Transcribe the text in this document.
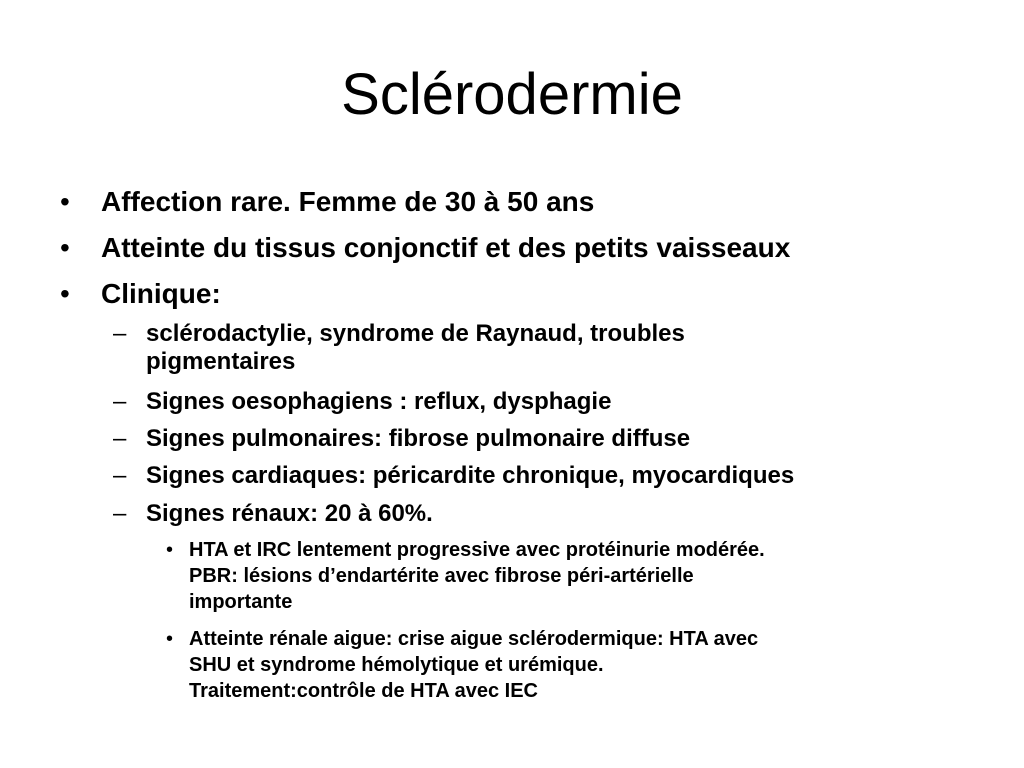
Sclérodermie
• Affection rare. Femme de 30 à 50 ans
• Atteinte du tissus conjonctif et des petits vaisseaux
• Clinique:
– sclérodactylie, syndrome de Raynaud, troubles
pigmentaires
– Signes oesophagiens : reflux, dysphagie
– Signes pulmonaires: fibrose pulmonaire diffuse
– Signes cardiaques: péricardite chronique, myocardiques
– Signes rénaux: 20 à 60%.
• HTA et IRC lentement progressive avec protéinurie modérée.
PBR: lésions d’endartérite avec fibrose péri-artérielle
importante
• Atteinte rénale aigue: crise aigue sclérodermique: HTA avec
SHU et syndrome hémolytique et urémique.
Traitement:contrôle de HTA avec IEC
